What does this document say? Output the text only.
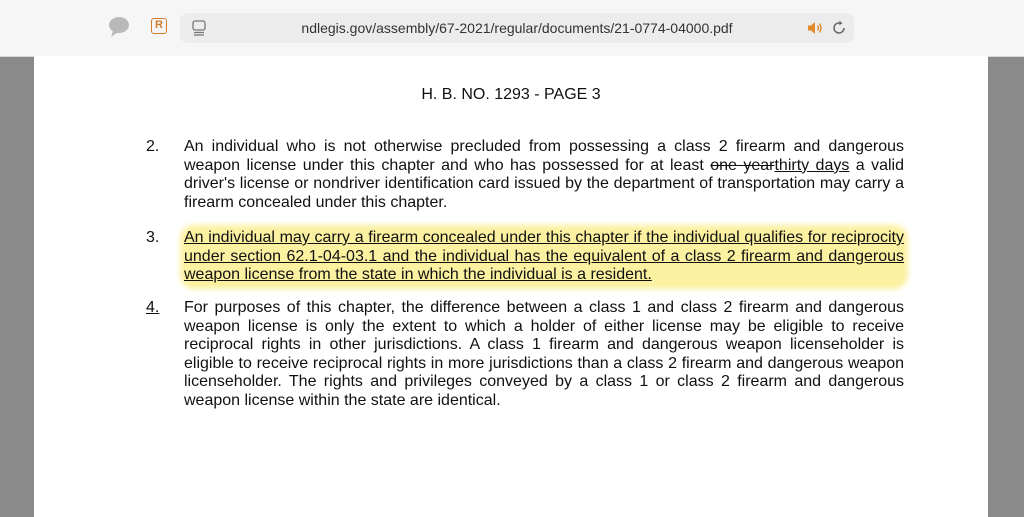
R	ndlegis.gov/assembly/67-2021/regular/documents/21-0774-04000.pdf
H. B. NO. 1293 - PAGE 3
2.	An individual who is not otherwise precluded from possessing a class 2 firearm and dangerous weapon license under this chapter and who has possessed for at least one yearthirty days a valid driver's license or nondriver identification card issued by the department of transportation may carry a firearm concealed under this chapter.
3.	An individual may carry a firearm concealed under this chapter if the individual qualifies for reciprocity under section 62.1-04-03.1 and the individual has the equivalent of a class 2 firearm and dangerous weapon license from the state in which the individual is a resident.
4.	For purposes of this chapter, the difference between a class 1 and class 2 firearm and dangerous weapon license is only the extent to which a holder of either license may be eligible to receive reciprocal rights in other jurisdictions. A class 1 firearm and dangerous weapon licenseholder is eligible to receive reciprocal rights in more jurisdictions than a class 2 firearm and dangerous weapon licenseholder. The rights and privileges conveyed by a class 1 or class 2 firearm and dangerous weapon license within the state are identical.
